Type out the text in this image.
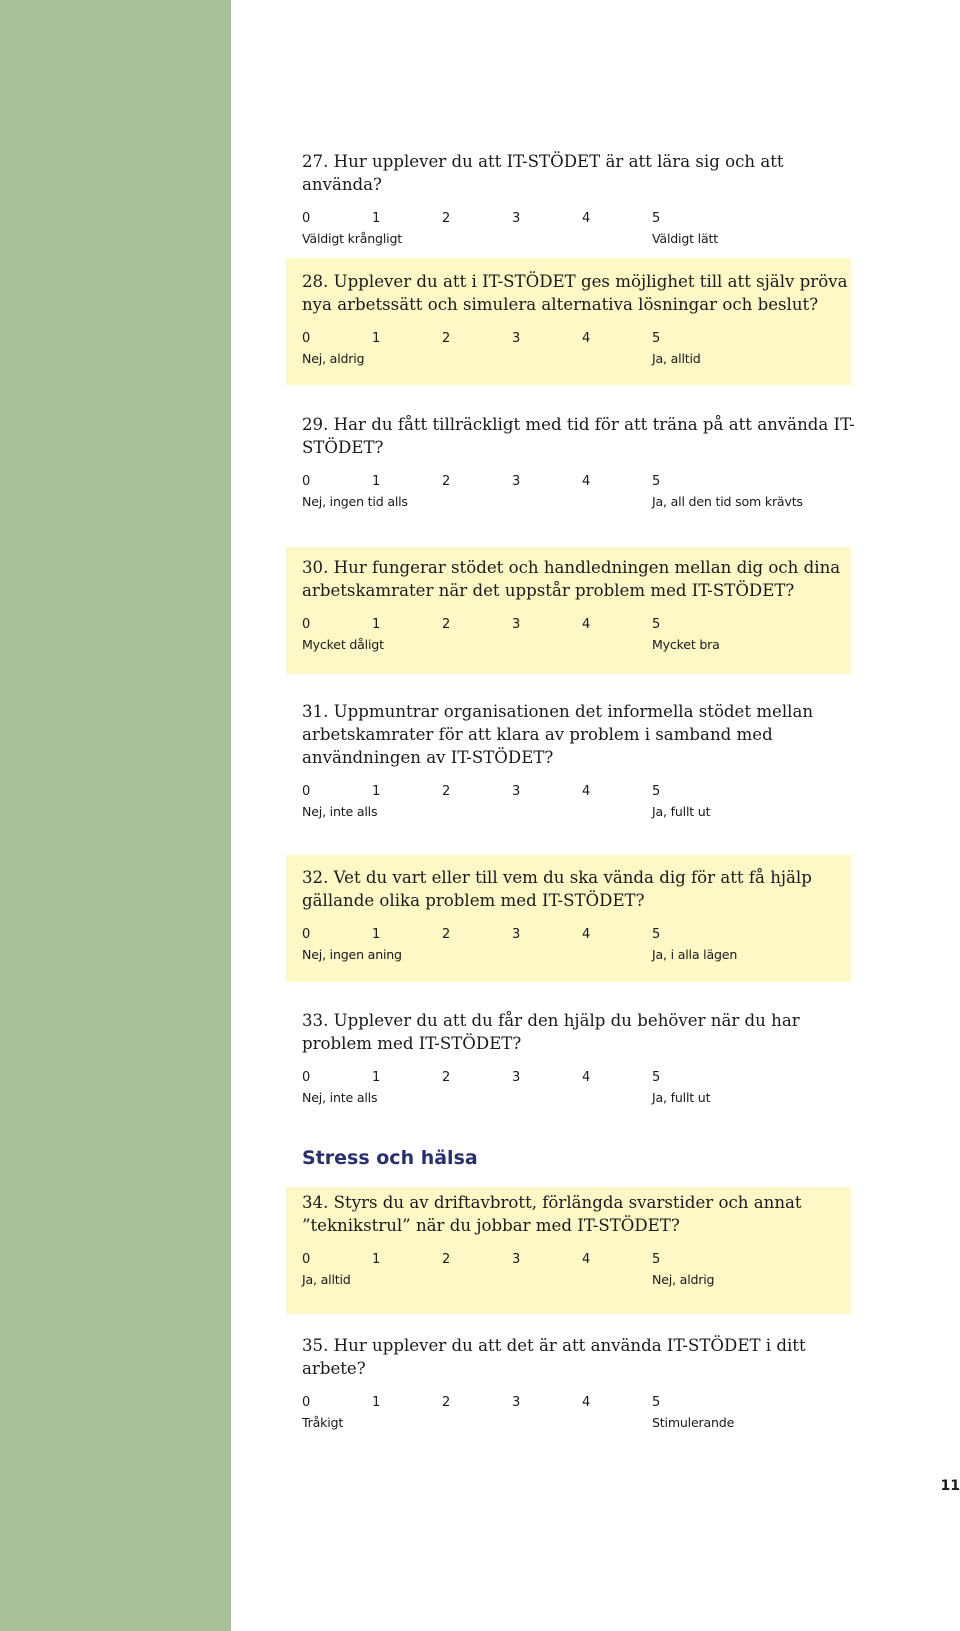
27. Hur upplever du att IT-STÖDET är att lära sig och att använda?

0	1	2	3	4	5
Väldigt krångligt	Väldigt lätt

28. Upplever du att i IT-STÖDET ges möjlighet till att själv pröva nya arbetssätt och simulera alternativa lösningar och beslut?

0	1	2	3	4	5
Nej, aldrig	Ja, alltid

29. Har du fått tillräckligt med tid för att träna på att använda IT-STÖDET?

0	1	2	3	4	5
Nej, ingen tid alls	Ja, all den tid som krävts

30. Hur fungerar stödet och handledningen mellan dig och dina arbetskamrater när det uppstår problem med IT-STÖDET?

0	1	2	3	4	5
Mycket dåligt	Mycket bra

31. Uppmuntrar organisationen det informella stödet mellan arbetskamrater för att klara av problem i samband med användningen av IT-STÖDET?

0	1	2	3	4	5
Nej, inte alls	Ja, fullt ut

32. Vet du vart eller till vem du ska vända dig för att få hjälp gällande olika problem med IT-STÖDET?

0	1	2	3	4	5
Nej, ingen aning	Ja, i alla lägen

33. Upplever du att du får den hjälp du behöver när du har problem med IT-STÖDET?

0	1	2	3	4	5
Nej, inte alls	Ja, fullt ut
Stress och hälsa

34. Styrs du av driftavbrott, förlängda svarstider och annat ”teknikstrul” när du jobbar med IT-STÖDET?

0	1	2	3	4	5
Ja, alltid	Nej, aldrig

35. Hur upplever du att det är att använda IT-STÖDET i ditt arbete?

0	1	2	3	4	5
Tråkigt	Stimulerande
11
